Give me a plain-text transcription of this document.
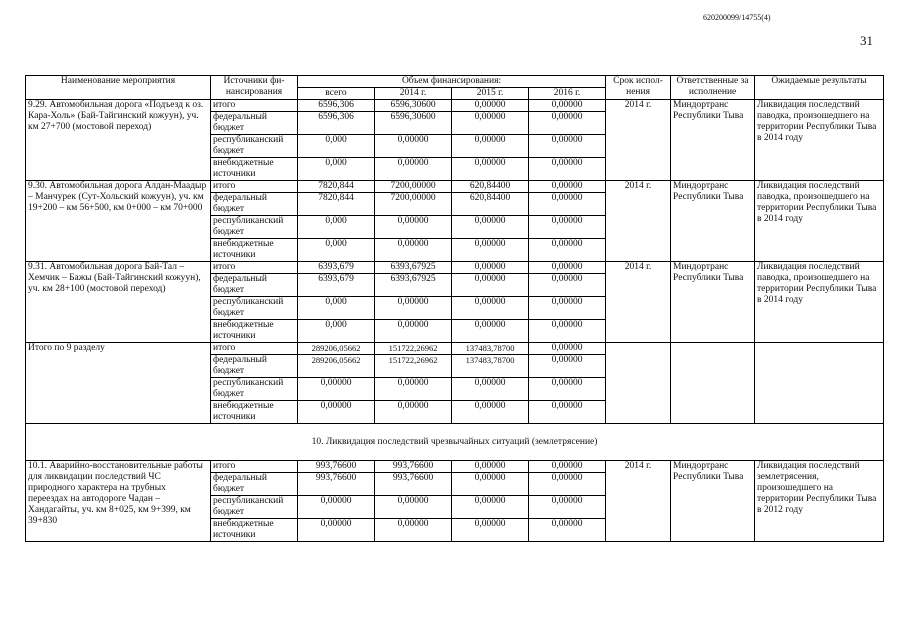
620200099/14755(4)
31
Наименование мероприятия	Источники фи-нансирования	Объем финансирования:				Срок испол-нения	Ответственные за исполнение	Ожидаемые результаты
		всего	2014 г.	2015 г.	2016 г.			
9.29. Автомобильная дорога «Подъезд к оз. Кара-Холь» (Бай-Тайгинский кожуун), уч. км 27+700 (мостовой переход)	итого	6596,306	6596,30600	0,00000	0,00000	2014 г.	Миндортранс Республики Тыва	Ликвидация последствий паводка, произошедшего на территории Республики Тыва в 2014 году
	федеральный бюджет	6596,306	6596,30600	0,00000	0,00000			
	республиканский бюджет	0,000	0,00000	0,00000	0,00000			
	внебюджетные источники	0,000	0,00000	0,00000	0,00000			
9.30. Автомобильная дорога Алдан-Маадыр – Манчурек (Сут-Хольский кожуун), уч. км 19+200 – км 56+500, км 0+000 – км 70+000	итого	7820,844	7200,00000	620,84400	0,00000	2014 г.	Миндортранс Республики Тыва	Ликвидация последствий паводка, произошедшего на территории Республики Тыва в 2014 году
	федеральный бюджет	7820,844	7200,00000	620,84400	0,00000			
	республиканский бюджет	0,000	0,00000	0,00000	0,00000			
	внебюджетные источники	0,000	0,00000	0,00000	0,00000			
9.31. Автомобильная дорога Бай-Тал – Хемчик – Бажы (Бай-Тайгинский кожуун), уч. км 28+100 (мостовой переход)	итого	6393,679	6393,67925	0,00000	0,00000	2014 г.	Миндортранс Республики Тыва	Ликвидация последствий паводка, произошедшего на территории Республики Тыва в 2014 году
	федеральный бюджет	6393,679	6393,67925	0,00000	0,00000			
	республиканский бюджет	0,000	0,00000	0,00000	0,00000			
	внебюджетные источники	0,000	0,00000	0,00000	0,00000			
Итого по 9 разделу	итого	289206,05662	151722,26962	137483,78700	0,00000			
	федеральный бюджет	289206,05662	151722,26962	137483,78700	0,00000			
	республиканский бюджет	0,00000	0,00000	0,00000	0,00000			
	внебюджетные источники	0,00000	0,00000	0,00000	0,00000			
10. Ликвидация последствий чрезвычайных ситуаций (землетрясение)								
10.1. Аварийно-восстановительные работы для ликвидации последствий ЧС природного характера на трубных переездах на автодороге Чадан – Хандагайты, уч. км 8+025, км 9+399, км 39+830	итого	993,76600	993,76600	0,00000	0,00000	2014 г.	Миндортранс Республики Тыва	Ликвидация последствий землетрясения, произошедшего на территории Республики Тыва в 2012 году
	федеральный бюджет	993,76600	993,76600	0,00000	0,00000			
	республиканский бюджет	0,00000	0,00000	0,00000	0,00000			
	внебюджетные источники	0,00000	0,00000	0,00000	0,00000			
